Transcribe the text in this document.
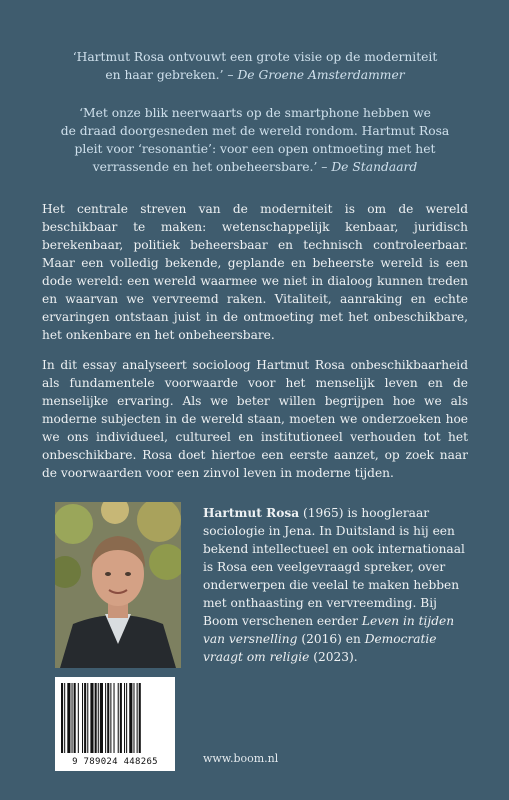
‘Hartmut Rosa ontvouwt een grote visie op de moderniteit
en haar gebreken.’ – De Groene Amsterdammer

‘Met onze blik neerwaarts op de smartphone hebben we
de draad doorgesneden met de wereld rondom. Hartmut Rosa
pleit voor ‘resonantie’: voor een open ontmoeting met het
verrassende en het onbeheersbare.’ – De Standaard

Het centrale streven van de moderniteit is om de wereld beschikbaar te maken: wetenschappelijk kenbaar, juridisch berekenbaar, politiek beheersbaar en technisch controleerbaar. Maar een volledig bekende, geplande en beheerste wereld is een dode wereld: een wereld waarmee we niet in dialoog kunnen treden en waarvan we vervreemd raken. Vitaliteit, aanraking en echte ervaringen ontstaan juist in de ontmoeting met het onbeschikbare, het onkenbare en het onbeheersbare.

In dit essay analyseert socioloog Hartmut Rosa onbeschikbaarheid als fundamentele voorwaarde voor het menselijk leven en de menselijke ervaring. Als we beter willen begrijpen hoe we als moderne subjecten in de wereld staan, moeten we onderzoeken hoe we ons individueel, cultureel en institutioneel verhouden tot het onbeschikbare. Rosa doet hiertoe een eerste aanzet, op zoek naar de voorwaarden voor een zinvol leven in moderne tijden.

Hartmut Rosa (1965) is hoogleraar sociologie in Jena. In Duitsland is hij een bekend intellectueel en ook internationaal is Rosa een veelgevraagd spreker, over onderwerpen die veelal te maken hebben met onthaasting en vervreemding. Bij Boom verschenen eerder Leven in tijden van versnelling (2016) en Democratie vraagt om religie (2023).
9 789024 448265	www.boom.nl
